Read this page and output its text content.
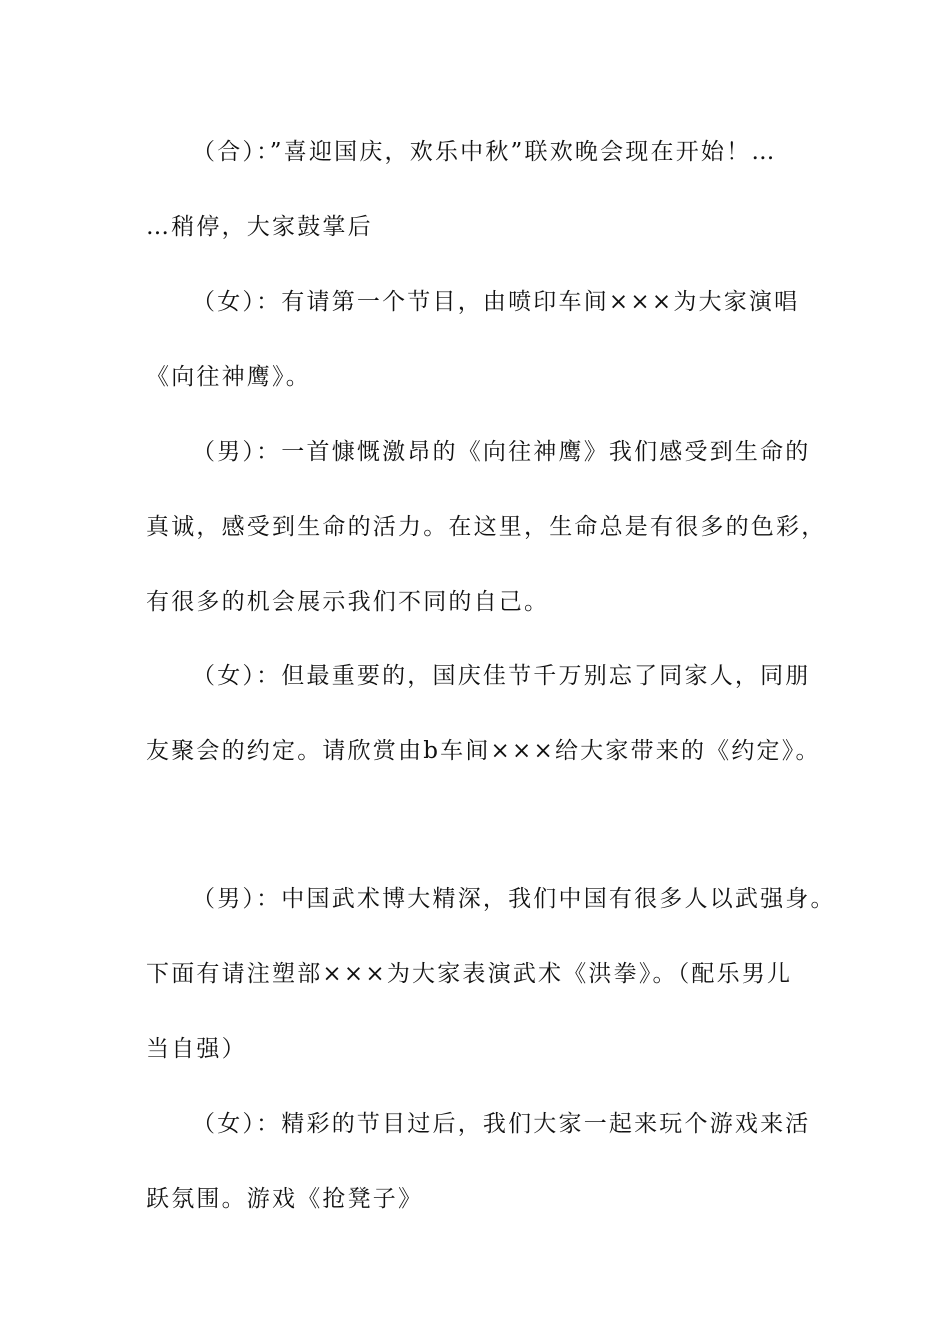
（合）：”喜迎国庆，欢乐中秋”联欢晚会现在开始！…
…稍停，大家鼓掌后
（女）：有请第一个节目，由喷印车间×××为大家演唱
《向往神鹰》。
（男）：一首慷慨激昂的《向往神鹰》我们感受到生命的
真诚，感受到生命的活力。在这里，生命总是有很多的色彩，
有很多的机会展示我们不同的自己。
（女）：但最重要的，国庆佳节千万别忘了同家人，同朋
友聚会的约定。请欣赏由b车间×××给大家带来的《约定》。
（男）：中国武术博大精深，我们中国有很多人以武强身。
下面有请注塑部×××为大家表演武术《洪拳》。（配乐男儿
当自强）
（女）：精彩的节目过后，我们大家一起来玩个游戏来活
跃氛围。游戏《抢凳子》
